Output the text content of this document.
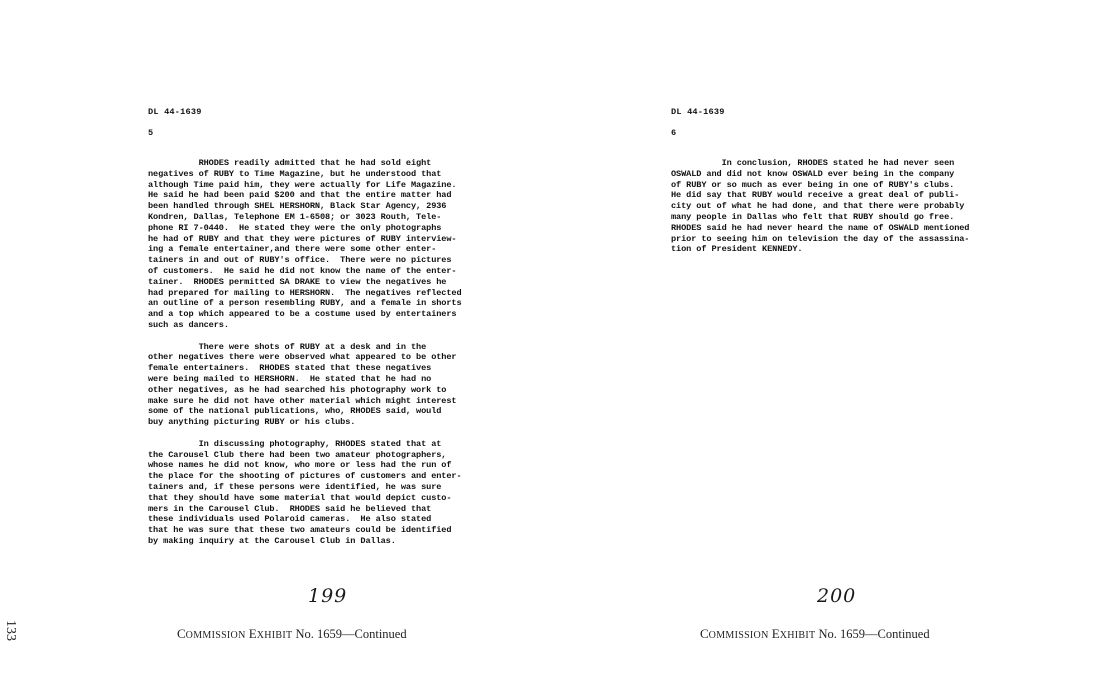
133
DL 44-1639
5
RHODES readily admitted that he had sold eight
negatives of RUBY to Time Magazine, but he understood that
although Time paid him, they were actually for Life Magazine.
He said he had been paid $200 and that the entire matter had
been handled through SHEL HERSHORN, Black Star Agency, 2936
Kondren, Dallas, Telephone EM 1-6508; or 3023 Routh, Tele-
phone RI 7-0440.  He stated they were the only photographs
he had of RUBY and that they were pictures of RUBY interview-
ing a female entertainer,and there were some other enter-
tainers in and out of RUBY's office.  There were no pictures
of customers.  He said he did not know the name of the enter-
tainer.  RHODES permitted SA DRAKE to view the negatives he
had prepared for mailing to HERSHORN.  The negatives reflected
an outline of a person resembling RUBY, and a female in shorts
and a top which appeared to be a costume used by entertainers
such as dancers.
There were shots of RUBY at a desk and in the
other negatives there were observed what appeared to be other
female entertainers.  RHODES stated that these negatives
were being mailed to HERSHORN.  He stated that he had no
other negatives, as he had searched his photography work to
make sure he did not have other material which might interest
some of the national publications, who, RHODES said, would
buy anything picturing RUBY or his clubs.
In discussing photography, RHODES stated that at
the Carousel Club there had been two amateur photographers,
whose names he did not know, who more or less had the run of
the place for the shooting of pictures of customers and enter-
tainers and, if these persons were identified, he was sure
that they should have some material that would depict custo-
mers in the Carousel Club.  RHODES said he believed that
these individuals used Polaroid cameras.  He also stated
that he was sure that these two amateurs could be identified
by making inquiry at the Carousel Club in Dallas.
199
COMMISSION EXHIBIT No. 1659—Continued
DL 44-1639
6
In conclusion, RHODES stated he had never seen
OSWALD and did not know OSWALD ever being in the company
of RUBY or so much as ever being in one of RUBY's clubs.
He did say that RUBY would receive a great deal of publi-
city out of what he had done, and that there were probably
many people in Dallas who felt that RUBY should go free.
RHODES said he had never heard the name of OSWALD mentioned
prior to seeing him on television the day of the assassina-
tion of President KENNEDY.
200
COMMISSION EXHIBIT No. 1659—Continued
